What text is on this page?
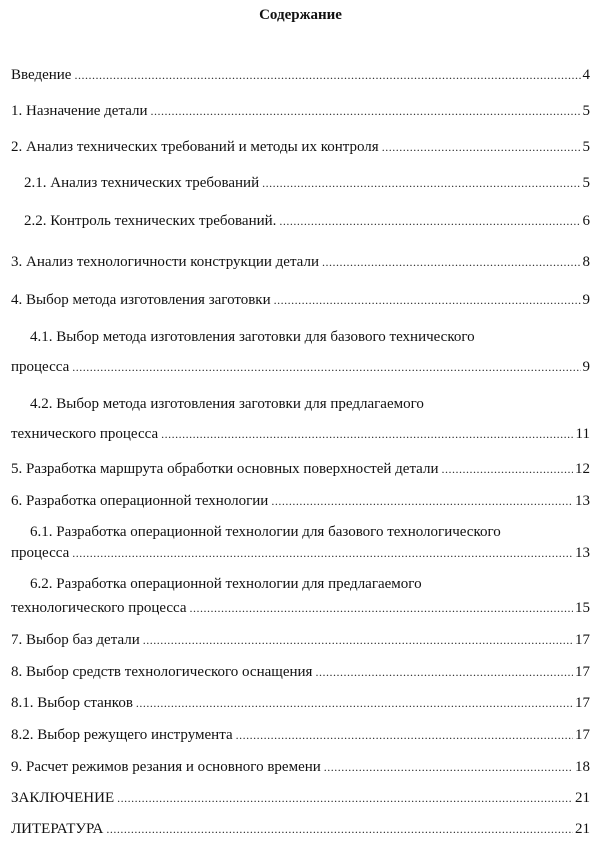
Содержание
Введение .....	4
1. Назначение детали .....	5
2. Анализ технических требований и методы их контроля .....	5
2.1. Анализ технических требований .....	5
2.2. Контроль технических требований. .....	6
3. Анализ технологичности конструкции детали .....	8
4. Выбор метода изготовления заготовки .....	9
4.1. Выбор метода изготовления заготовки для базового технического
процесса .....	9
4.2. Выбор метода изготовления заготовки для предлагаемого
технического процесса .....	11
5. Разработка маршрута обработки основных поверхностей детали .....	12
6. Разработка операционной технологии .....	13
6.1. Разработка операционной технологии для базового технологического
процесса .....	13
6.2. Разработка операционной технологии для предлагаемого
технологического процесса .....	15
7. Выбор баз детали .....	17
8. Выбор средств технологического оснащения .....	17
8.1. Выбор станков .....	17
8.2. Выбор режущего инструмента .....	17
9. Расчет режимов резания и основного времени .....	18
ЗАКЛЮЧЕНИЕ .....	21
ЛИТЕРАТУРА .....	21
